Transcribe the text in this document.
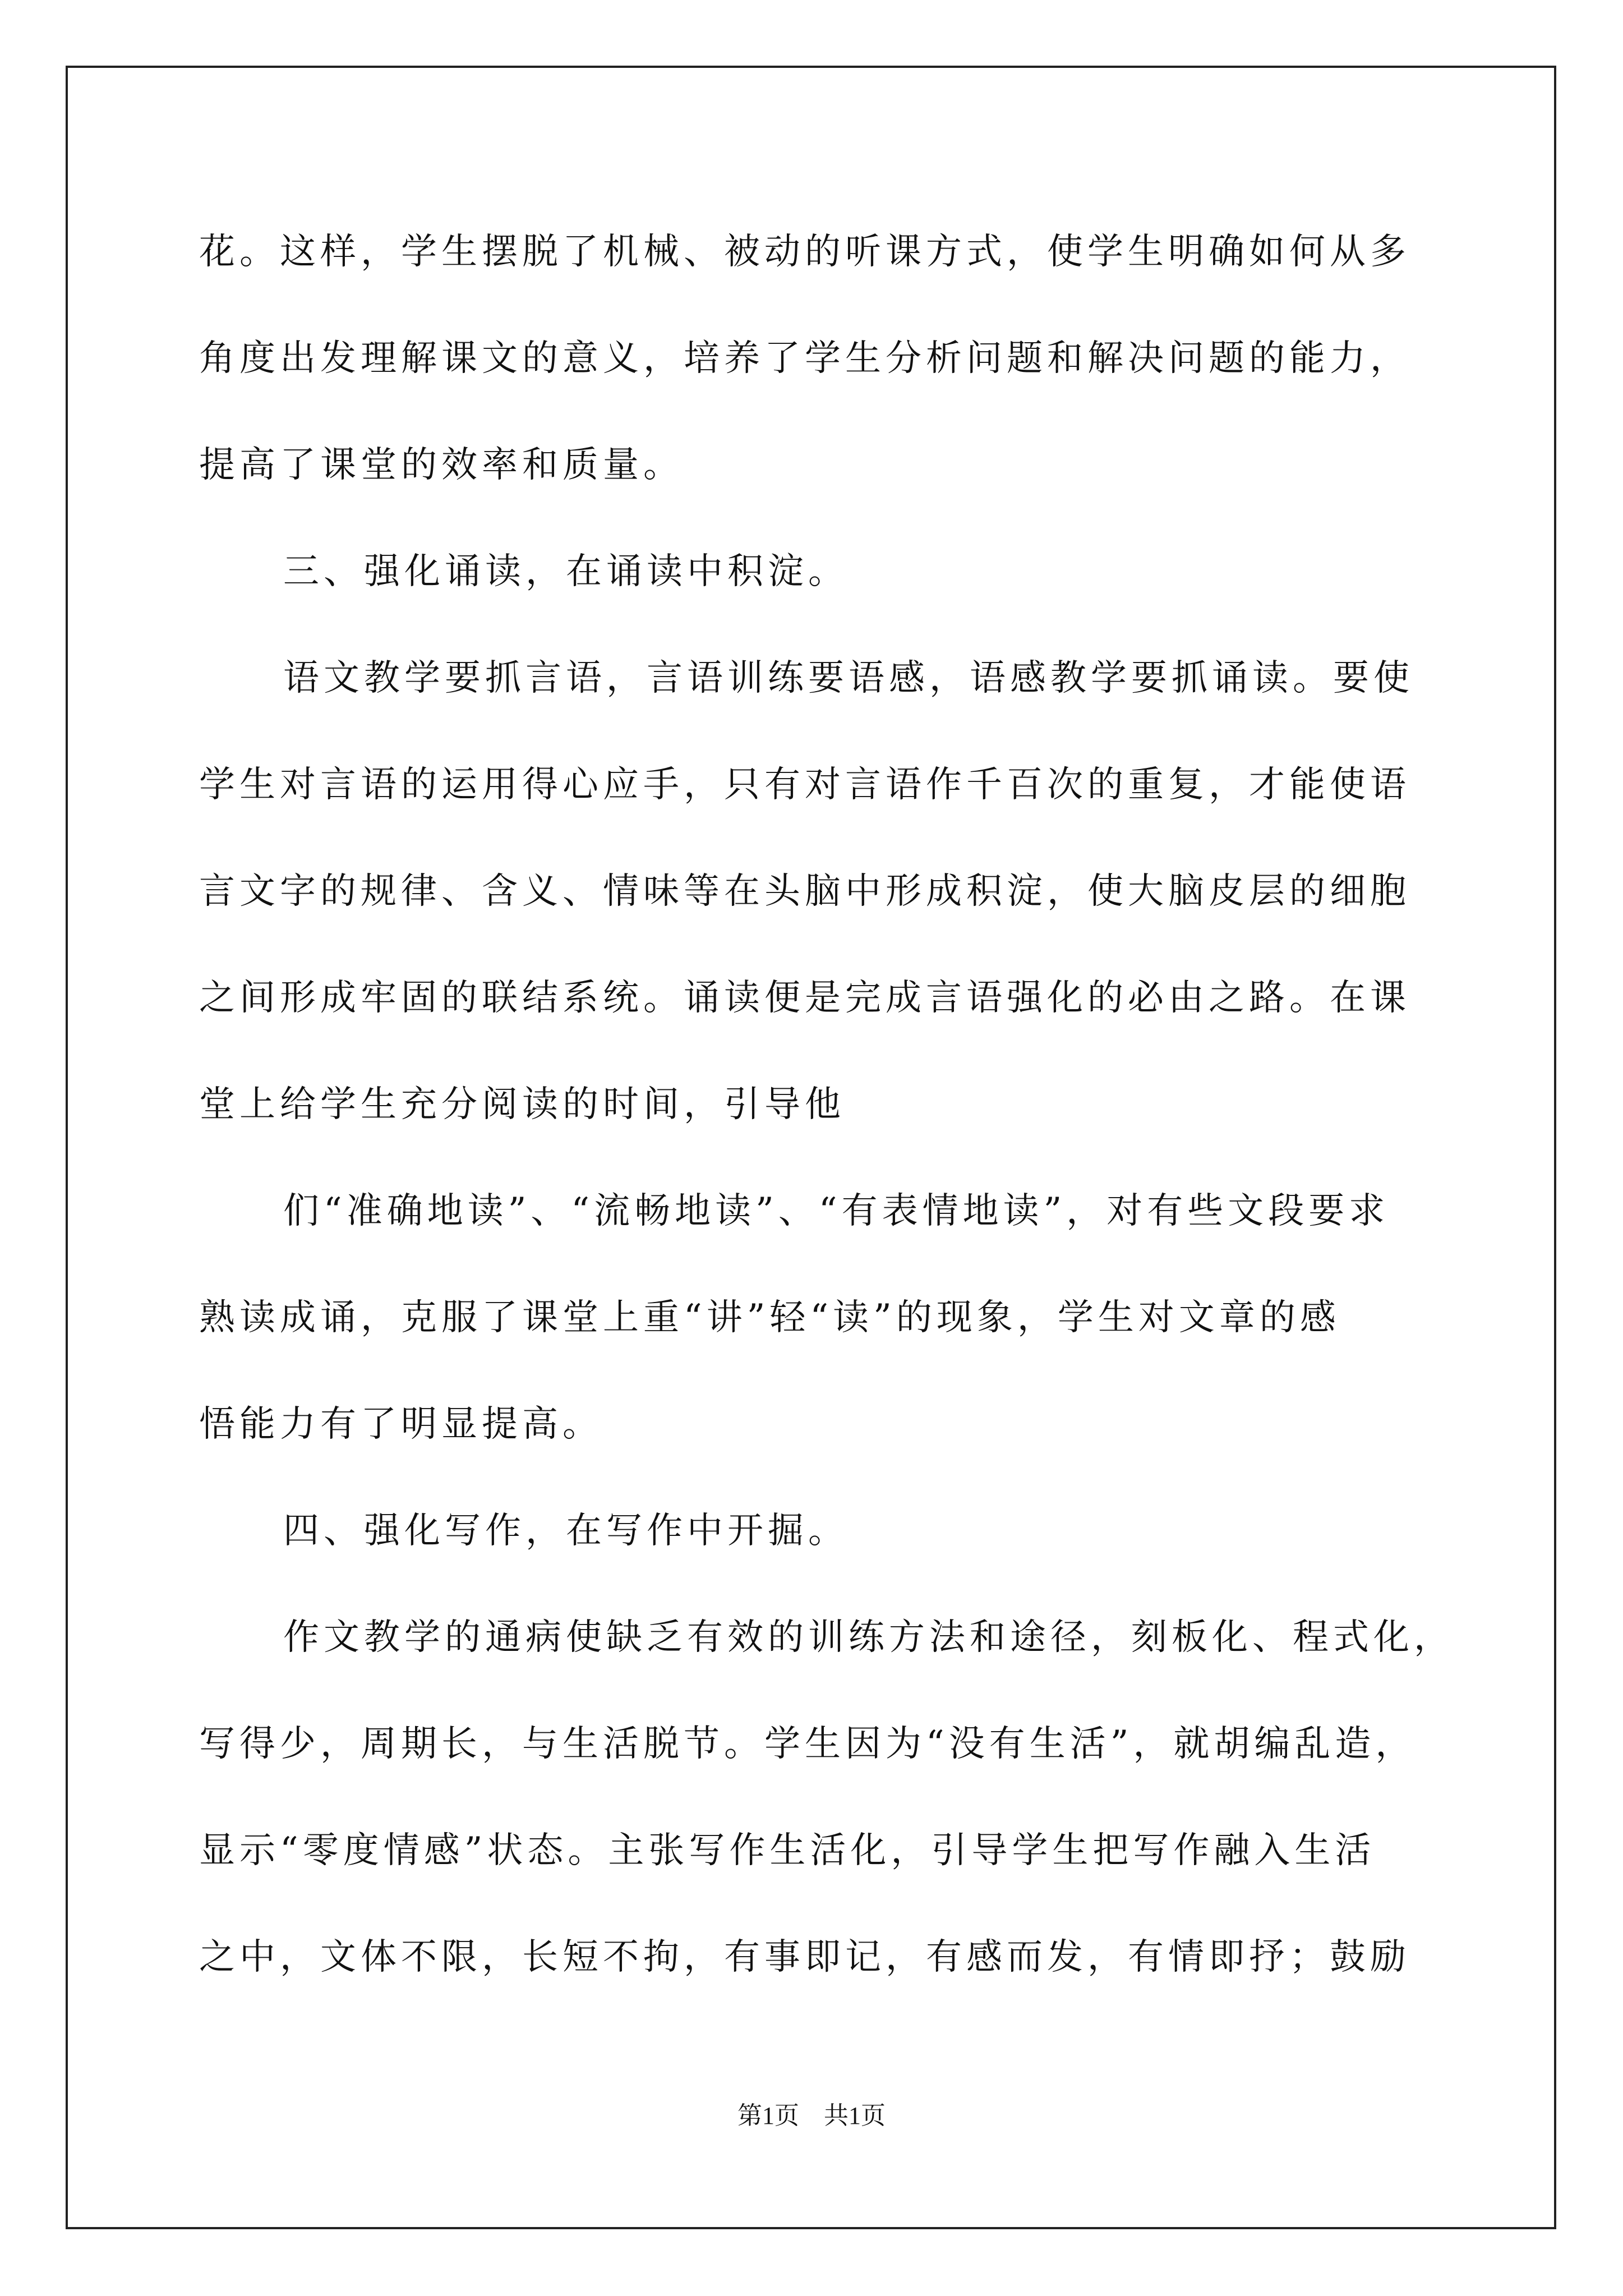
花。这样，学生摆脱了机械、被动的听课方式，使学生明确如何从多
角度出发理解课文的意义，培养了学生分析问题和解决问题的能力，
提高了课堂的效率和质量。
三、强化诵读，在诵读中积淀。
语文教学要抓言语，言语训练要语感，语感教学要抓诵读。要使
学生对言语的运用得心应手，只有对言语作千百次的重复，才能使语
言文字的规律、含义、情味等在头脑中形成积淀，使大脑皮层的细胞
之间形成牢固的联结系统。诵读便是完成言语强化的必由之路。在课
堂上给学生充分阅读的时间，引导他
们“准确地读”、“流畅地读”、“有表情地读”，对有些文段要求
熟读成诵，克服了课堂上重“讲”轻“读”的现象，学生对文章的感
悟能力有了明显提高。
四、强化写作，在写作中开掘。
作文教学的通病使缺乏有效的训练方法和途径，刻板化、程式化，
写得少，周期长，与生活脱节。学生因为“没有生活”，就胡编乱造，
显示“零度情感”状态。主张写作生活化，引导学生把写作融入生活
之中，文体不限，长短不拘，有事即记，有感而发，有情即抒；鼓励
第1页　共1页
